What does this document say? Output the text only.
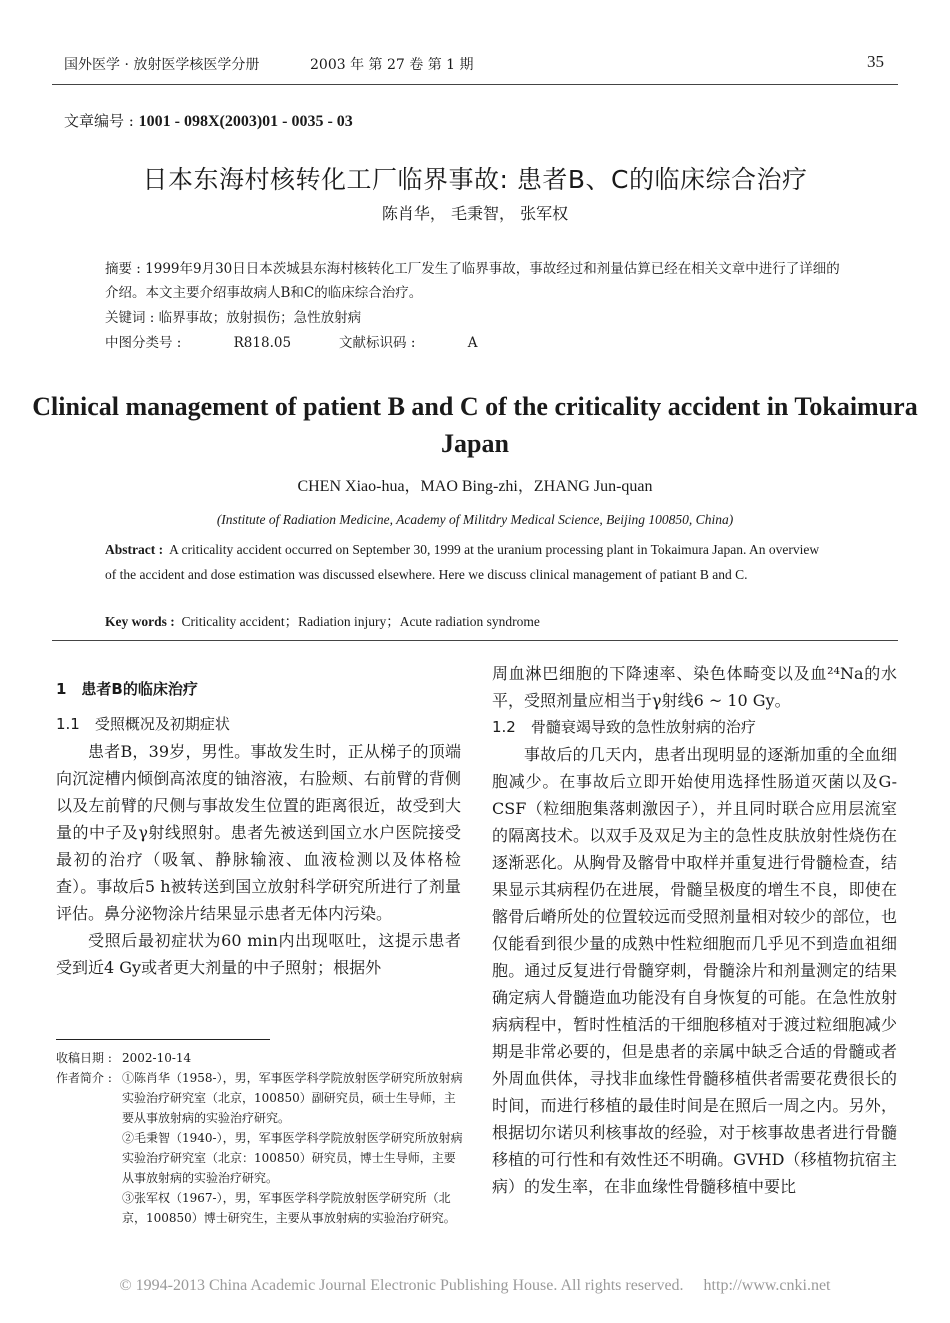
国外医学 · 放射医学核医学分册	2003 年 第 27 卷 第 1 期	35
文章编号 : 1001 - 098X(2003)01 - 0035 - 03
日本东海村核转化工厂临界事故: 患者B、C的临床综合治疗
陈肖华， 毛秉智， 张军权
摘要 : 1999年9月30日日本茨城县东海村核转化工厂发生了临界事故，事故经过和剂量估算已经在相关文章中进行了详细的介绍。本文主要介绍事故病人B和C的临床综合治疗。
关键词 : 临界事故；放射损伤；急性放射病
中图分类号 :	R818.05	文献标识码 :	A
Clinical management of patient B and C of the criticality accident in Tokaimura Japan
CHEN Xiao-hua，MAO Bing-zhi，ZHANG Jun-quan
(Institute of Radiation Medicine, Academy of Militdry Medical Science, Beijing 100850, China)
Abstract : A criticality accident occurred on September 30, 1999 at the uranium processing plant in Tokaimura Japan. An overview of the accident and dose estimation was discussed elsewhere. Here we discuss clinical management of patiant B and C.
Key words : Criticality accident；Radiation injury；Acute radiation syndrome
1　患者B的临床治疗
1.1　受照概况及初期症状

患者B，39岁，男性。事故发生时，正从梯子的顶端向沉淀槽内倾倒高浓度的铀溶液，右脸颊、右前臂的背侧以及左前臂的尺侧与事故发生位置的距离很近，故受到大量的中子及γ射线照射。患者先被送到国立水户医院接受最初的治疗（吸氧、静脉输液、血液检测以及体格检查）。事故后5 h被转送到国立放射科学研究所进行了剂量评估。鼻分泌物涂片结果显示患者无体内污染。

受照后最初症状为60 min内出现呕吐，这提示患者受到近4 Gy或者更大剂量的中子照射；根据外

周血淋巴细胞的下降速率、染色体畸变以及血²⁴Na的水平，受照剂量应相当于γ射线6 ~ 10 Gy。

1.2　骨髓衰竭导致的急性放射病的治疗

事故后的几天内，患者出现明显的逐渐加重的全血细胞减少。在事故后立即开始使用选择性肠道灭菌以及G-CSF（粒细胞集落刺激因子），并且同时联合应用层流室的隔离技术。以双手及双足为主的急性皮肤放射性烧伤在逐渐恶化。从胸骨及髂骨中取样并重复进行骨髓检查，结果显示其病程仍在进展，骨髓呈极度的增生不良，即使在髂骨后嵴所处的位置较远而受照剂量相对较少的部位，也仅能看到很少量的成熟中性粒细胞而几乎见不到造血祖细胞。通过反复进行骨髓穿刺，骨髓涂片和剂量测定的结果确定病人骨髓造血功能没有自身恢复的可能。在急性放射病病程中，暂时性植活的干细胞移植对于渡过粒细胞减少期是非常必要的，但是患者的亲属中缺乏合适的骨髓或者外周血供体，寻找非血缘性骨髓移植供者需要花费很长的时间，而进行移植的最佳时间是在照后一周之内。另外，根据切尔诺贝利核事故的经验，对于核事故患者进行骨髓移植的可行性和有效性还不明确。GVHD（移植物抗宿主病）的发生率，在非血缘性骨髓移植中要比

收稿日期 : 2002-10-14
作者简介 : ①陈肖华（1958-），男，军事医学科学院放射医学研究所放射病实验治疗研究室（北京，100850）副研究员，硕士生导师，主要从事放射病的实验治疗研究。
②毛秉智（1940-），男，军事医学科学院放射医学研究所放射病实验治疗研究室（北京：100850）研究员，博士生导师，主要从事放射病的实验治疗研究。
③张军权（1967-），男，军事医学科学院放射医学研究所（北京，100850）博士研究生，主要从事放射病的实验治疗研究。
© 1994-2013 China Academic Journal Electronic Publishing House. All rights reserved.　 http://www.cnki.net
